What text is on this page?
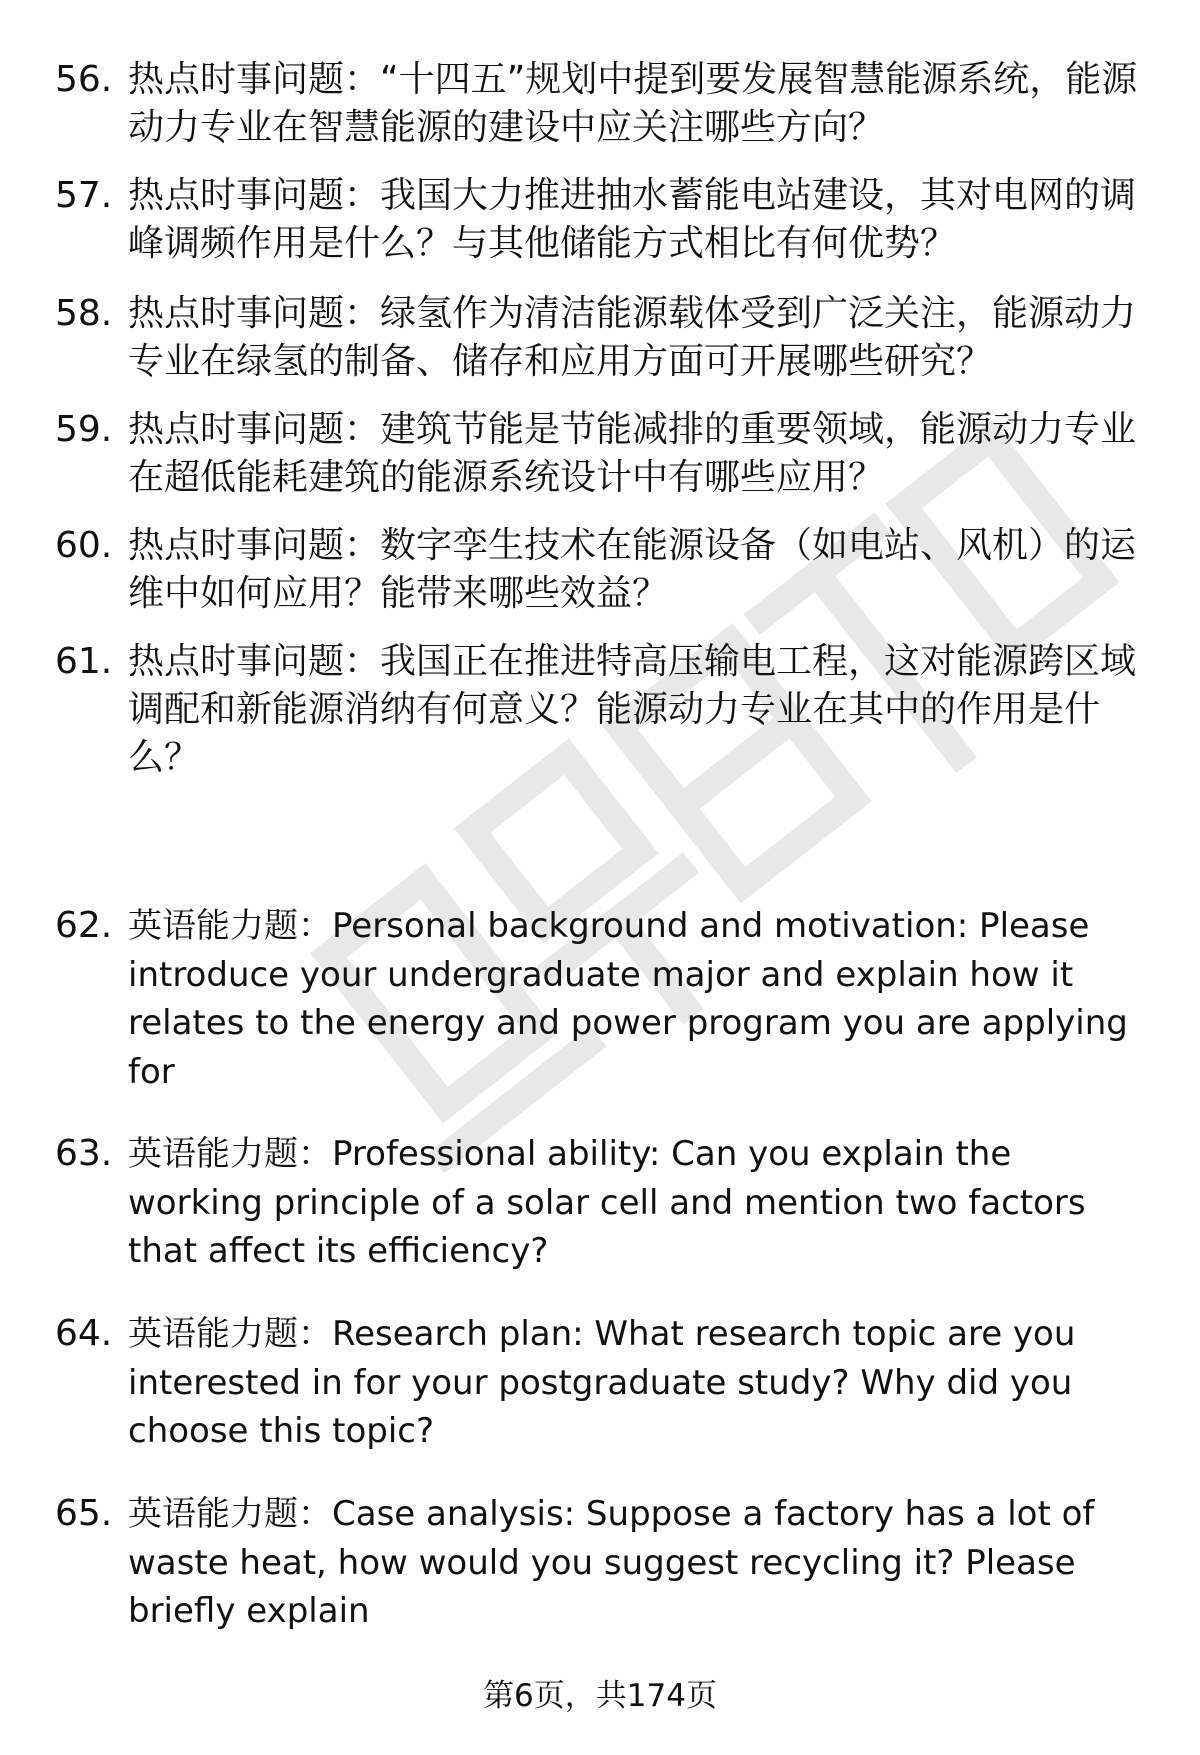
56. 热点时事问题：“十四五”规划中提到要发展智慧能源系统，能源动力专业在智慧能源的建设中应关注哪些方向？
57. 热点时事问题：我国大力推进抽水蓄能电站建设，其对电网的调峰调频作用是什么？与其他储能方式相比有何优势？
58. 热点时事问题：绿氢作为清洁能源载体受到广泛关注，能源动力专业在绿氢的制备、储存和应用方面可开展哪些研究？
59. 热点时事问题：建筑节能是节能减排的重要领域，能源动力专业在超低能耗建筑的能源系统设计中有哪些应用？
60. 热点时事问题：数字孪生技术在能源设备（如电站、风机）的运维中如何应用？能带来哪些效益？
61. 热点时事问题：我国正在推进特高压输电工程，这对能源跨区域调配和新能源消纳有何意义？能源动力专业在其中的作用是什么？
62. 英语能力题：Personal background and motivation: Please introduce your undergraduate major and explain how it relates to the energy and power program you are applying for
63. 英语能力题：Professional ability: Can you explain the working principle of a solar cell and mention two factors that affect its efficiency?
64. 英语能力题：Research plan: What research topic are you interested in for your postgraduate study? Why did you choose this topic?
65. 英语能力题：Case analysis: Suppose a factory has a lot of waste heat, how would you suggest recycling it? Please briefly explain
第6页，共174页
